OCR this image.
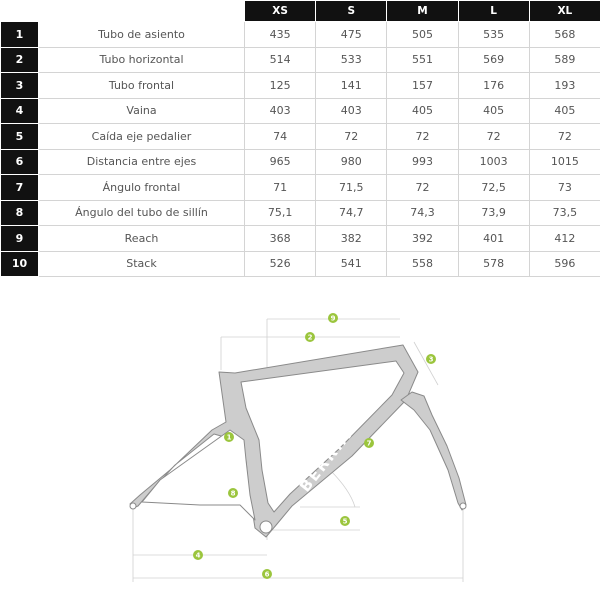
		XS	S	M	L	XL
1	Tubo de asiento	435	475	505	535	568
2	Tubo horizontal	514	533	551	569	589
3	Tubo frontal	125	141	157	176	193
4	Vaina	403	403	405	405	405
5	Caída eje pedalier	74	72	72	72	72
6	Distancia entre ejes	965	980	993	1003	1015
7	Ángulo frontal	71	71,5	72	72,5	73
8	Ángulo del tubo de sillín	75,1	74,7	74,3	73,9	73,5
9	Reach	368	382	392	401	412
10	Stack	526	541	558	578	596
BERRIA
9
2
3
1
7
8
5
4
6
